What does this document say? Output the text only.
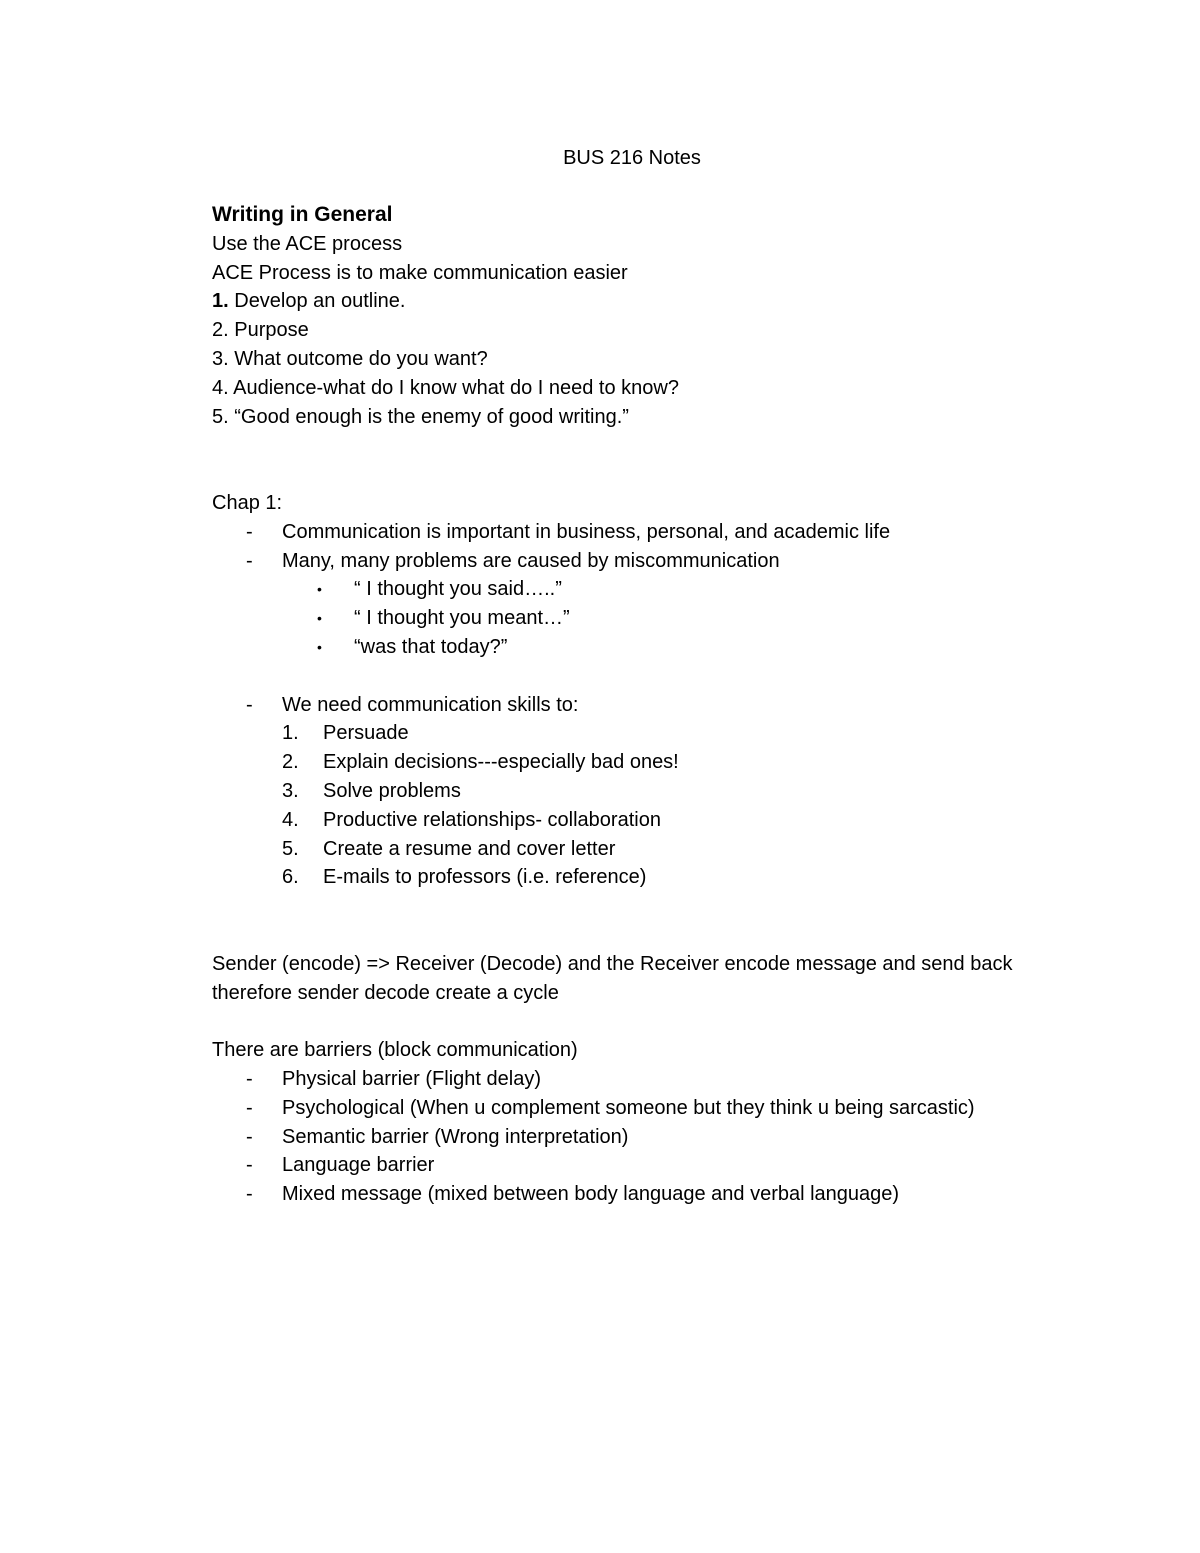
BUS 216 Notes
Writing in General
Use the ACE process
ACE Process is to make communication easier
1. Develop an outline.
2. Purpose
3. What outcome do you want?
4. Audience-what do I know what do I need to know?
5. “Good enough is the enemy of good writing.”
Chap 1:
- Communication is important in business, personal, and academic life
- Many, many problems are caused by miscommunication
• “ I thought you said…..”
• “ I thought you meant…”
• “was that today?”
- We need communication skills to:
1. Persuade
2. Explain decisions---especially bad ones!
3. Solve problems
4. Productive relationships- collaboration
5. Create a resume and cover letter
6. E-mails to professors (i.e. reference)
Sender (encode) => Receiver (Decode) and the Receiver encode message and send back
therefore sender decode create a cycle
There are barriers (block communication)
- Physical barrier (Flight delay)
- Psychological (When u complement someone but they think u being sarcastic)
- Semantic barrier (Wrong interpretation)
- Language barrier
- Mixed message (mixed between body language and verbal language)
